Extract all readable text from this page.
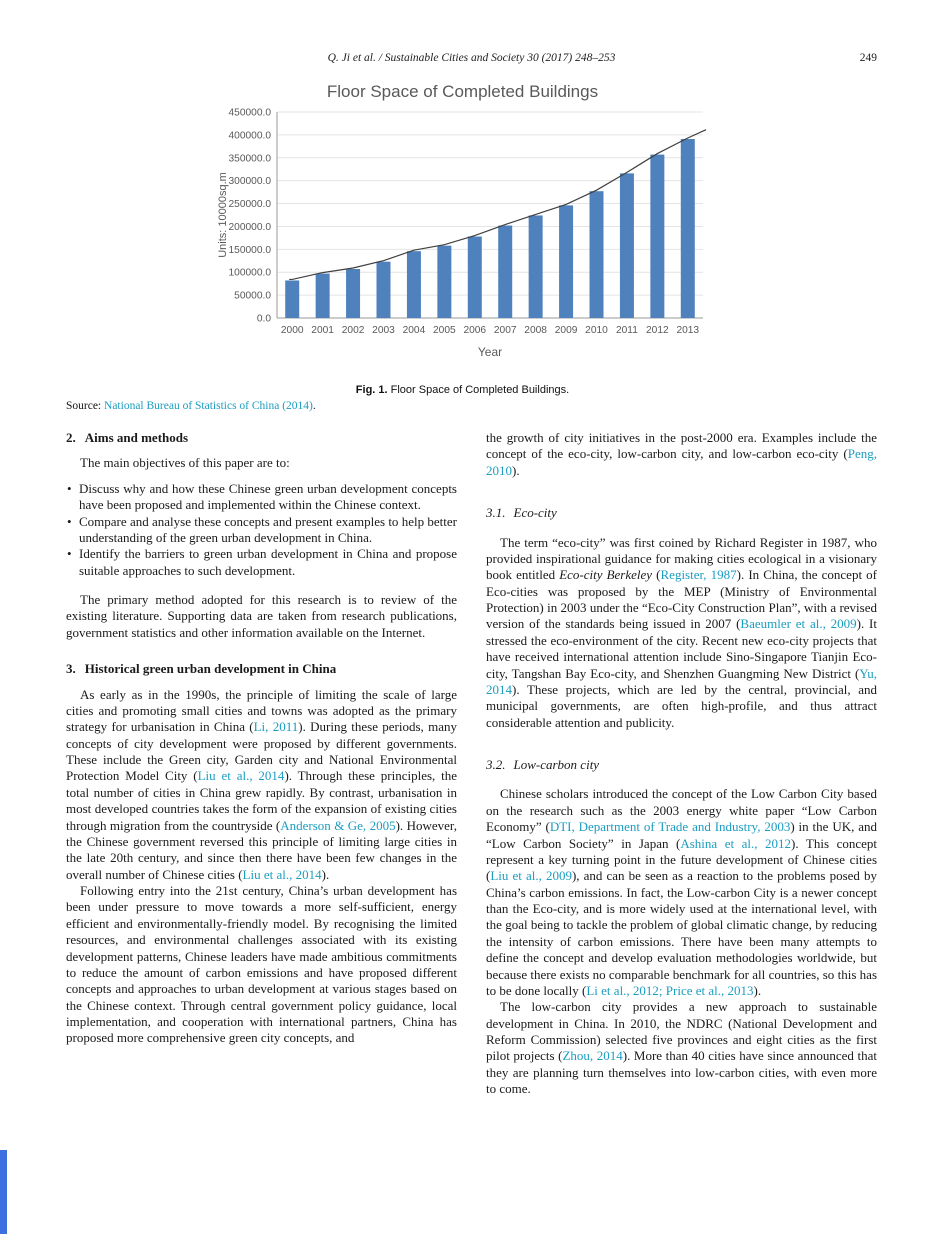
Q. Ji et al. / Sustainable Cities and Society 30 (2017) 248–253	249
Floor Space of Completed Buildings
0.0
50000.0
100000.0
150000.0
200000.0
250000.0
300000.0
350000.0
400000.0
450000.0
2000 2001 2002 2003 2004 2005 2006 2007 2008 2009 2010 2011 2012 2013
Year
Units: 10000sq.m
Fig. 1. Floor Space of Completed Buildings.
Source: National Bureau of Statistics of China (2014).
2. Aims and methods

The main objectives of this paper are to:

• Discuss why and how these Chinese green urban development concepts have been proposed and implemented within the Chinese context.
• Compare and analyse these concepts and present examples to help better understanding of the green urban development in China.
• Identify the barriers to green urban development in China and propose suitable approaches to such development.

The primary method adopted for this research is to review of the existing literature. Supporting data are taken from research publications, government statistics and other information available on the Internet.

3. Historical green urban development in China

As early as in the 1990s, the principle of limiting the scale of large cities and promoting small cities and towns was adopted as the primary strategy for urbanisation in China (Li, 2011). During these periods, many concepts of city development were proposed by different governments. These include the Green city, Garden city and National Environmental Protection Model City (Liu et al., 2014). Through these principles, the total number of cities in China grew rapidly. By contrast, urbanisation in most developed countries takes the form of the expansion of existing cities through migration from the countryside (Anderson & Ge, 2005). However, the Chinese government reversed this principle of limiting large cities in the late 20th century, and since then there have been few changes in the overall number of Chinese cities (Liu et al., 2014).

Following entry into the 21st century, China’s urban development has been under pressure to move towards a more self-sufficient, energy efficient and environmentally-friendly model. By recognising the limited resources, and environmental challenges associated with its existing development patterns, Chinese leaders have made ambitious commitments to reduce the amount of carbon emissions and have proposed different concepts and approaches to urban development at various stages based on the Chinese context. Through central government policy guidance, local implementation, and cooperation with international partners, China has proposed more comprehensive green city concepts, and

the growth of city initiatives in the post-2000 era. Examples include the concept of the eco-city, low-carbon city, and low-carbon eco-city (Peng, 2010).

3.1. Eco-city

The term “eco-city” was first coined by Richard Register in 1987, who provided inspirational guidance for making cities ecological in a visionary book entitled Eco-city Berkeley (Register, 1987). In China, the concept of Eco-cities was proposed by the MEP (Ministry of Environmental Protection) in 2003 under the “Eco-City Construction Plan”, with a revised version of the standards being issued in 2007 (Baeumler et al., 2009). It stressed the eco-environment of the city. Recent new eco-city projects that have received international attention include Sino-Singapore Tianjin Eco-city, Tangshan Bay Eco-city, and Shenzhen Guangming New District (Yu, 2014). These projects, which are led by the central, provincial, and municipal governments, are often high-profile, and thus attract considerable attention and publicity.

3.2. Low-carbon city

Chinese scholars introduced the concept of the Low Carbon City based on the research such as the 2003 energy white paper “Low Carbon Economy” (DTI, Department of Trade and Industry, 2003) in the UK, and “Low Carbon Society” in Japan (Ashina et al., 2012). This concept represent a key turning point in the future development of Chinese cities (Liu et al., 2009), and can be seen as a reaction to the problems posed by China’s carbon emissions. In fact, the Low-carbon City is a newer concept than the Eco-city, and is more widely used at the international level, with the goal being to tackle the problem of global climatic change, by reducing the intensity of carbon emissions. There have been many attempts to define the concept and develop evaluation methodologies worldwide, but because there exists no comparable benchmark for all countries, so this has to be done locally (Li et al., 2012; Price et al., 2013).

The low-carbon city provides a new approach to sustainable development in China. In 2010, the NDRC (National Development and Reform Commission) selected five provinces and eight cities as the first pilot projects (Zhou, 2014). More than 40 cities have since announced that they are planning turn themselves into low-carbon cities, with even more to come.
